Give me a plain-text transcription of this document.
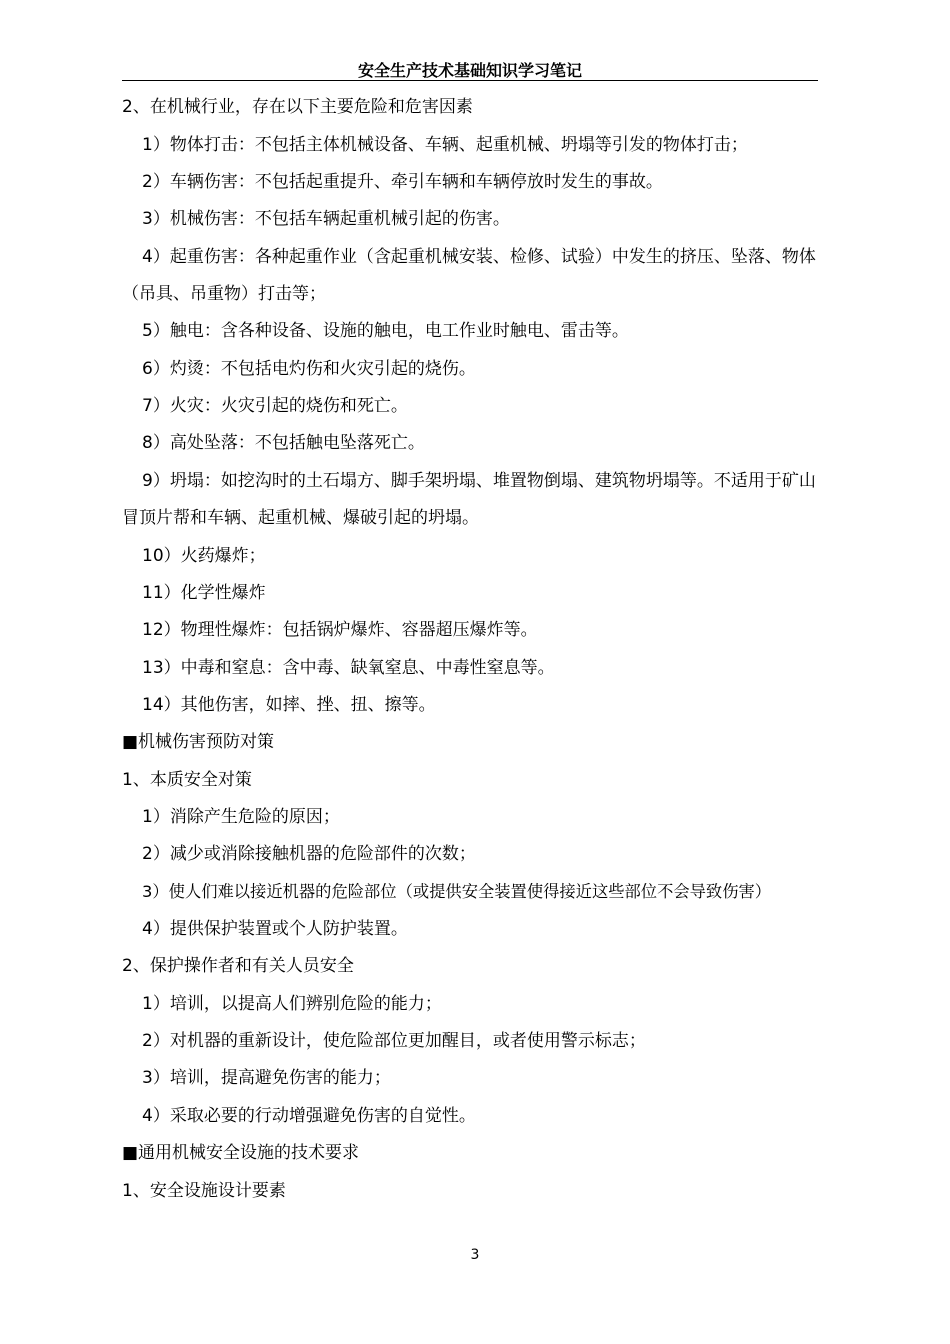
安全生产技术基础知识学习笔记
2、在机械行业，存在以下主要危险和危害因素
1）物体打击：不包括主体机械设备、车辆、起重机械、坍塌等引发的物体打击；
2）车辆伤害：不包括起重提升、牵引车辆和车辆停放时发生的事故。
3）机械伤害：不包括车辆起重机械引起的伤害。
4）起重伤害：各种起重作业（含起重机械安装、检修、试验）中发生的挤压、坠落、物体
（吊具、吊重物）打击等；
5）触电：含各种设备、设施的触电，电工作业时触电、雷击等。
6）灼烫：不包括电灼伤和火灾引起的烧伤。
7）火灾：火灾引起的烧伤和死亡。
8）高处坠落：不包括触电坠落死亡。
9）坍塌：如挖沟时的土石塌方、脚手架坍塌、堆置物倒塌、建筑物坍塌等。不适用于矿山
冒顶片帮和车辆、起重机械、爆破引起的坍塌。
10）火药爆炸；
11）化学性爆炸
12）物理性爆炸：包括锅炉爆炸、容器超压爆炸等。
13）中毒和窒息：含中毒、缺氧窒息、中毒性窒息等。
14）其他伤害，如摔、挫、扭、擦等。
■机械伤害预防对策
1、本质安全对策
1）消除产生危险的原因；
2）减少或消除接触机器的危险部件的次数；
3）使人们难以接近机器的危险部位（或提供安全装置使得接近这些部位不会导致伤害）
4）提供保护装置或个人防护装置。
2、保护操作者和有关人员安全
1）培训，以提高人们辨别危险的能力；
2）对机器的重新设计，使危险部位更加醒目，或者使用警示标志；
3）培训，提高避免伤害的能力；
4）采取必要的行动增强避免伤害的自觉性。
■通用机械安全设施的技术要求
1、安全设施设计要素
3
